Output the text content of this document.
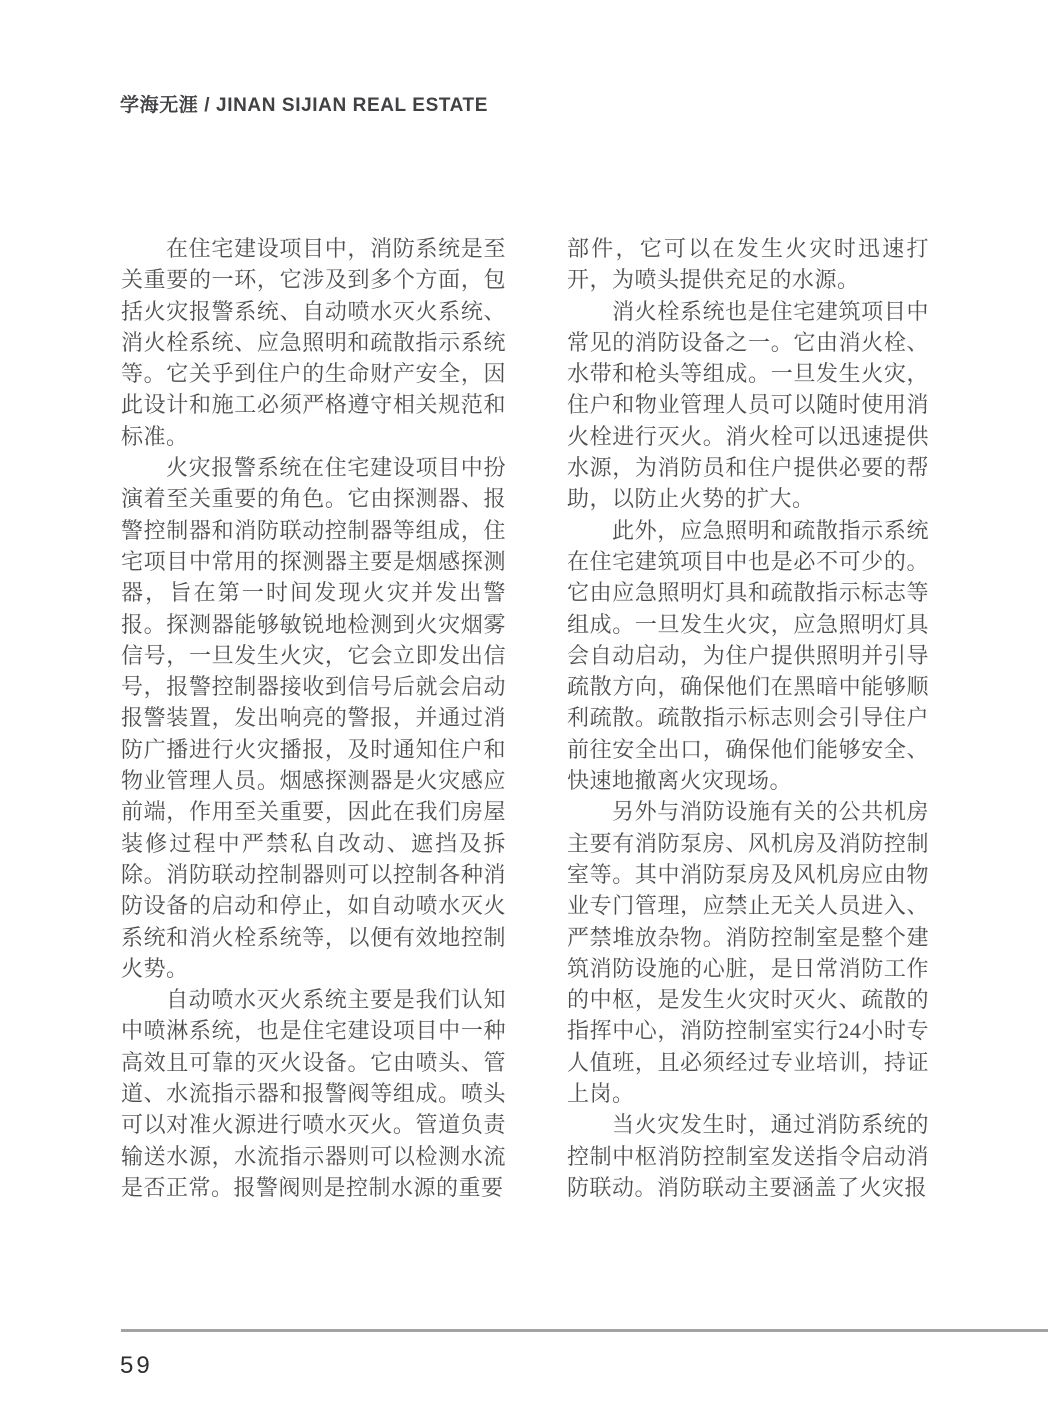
学海无涯 / JINAN SIJIAN REAL ESTATE

在住宅建设项目中，消防系统是至关重要的一环，它涉及到多个方面，包括火灾报警系统、自动喷水灭火系统、消火栓系统、应急照明和疏散指示系统等。它关乎到住户的生命财产安全，因此设计和施工必须严格遵守相关规范和标准。

火灾报警系统在住宅建设项目中扮演着至关重要的角色。它由探测器、报警控制器和消防联动控制器等组成，住宅项目中常用的探测器主要是烟感探测器，旨在第一时间发现火灾并发出警报。探测器能够敏锐地检测到火灾烟雾信号，一旦发生火灾，它会立即发出信号，报警控制器接收到信号后就会启动报警装置，发出响亮的警报，并通过消防广播进行火灾播报，及时通知住户和物业管理人员。烟感探测器是火灾感应前端，作用至关重要，因此在我们房屋装修过程中严禁私自改动、遮挡及拆除。消防联动控制器则可以控制各种消防设备的启动和停止，如自动喷水灭火系统和消火栓系统等，以便有效地控制火势。

自动喷水灭火系统主要是我们认知中喷淋系统，也是住宅建设项目中一种高效且可靠的灭火设备。它由喷头、管道、水流指示器和报警阀等组成。喷头可以对准火源进行喷水灭火。管道负责输送水源，水流指示器则可以检测水流是否正常。报警阀则是控制水源的重要

部件，它可以在发生火灾时迅速打开，为喷头提供充足的水源。

消火栓系统也是住宅建筑项目中常见的消防设备之一。它由消火栓、水带和枪头等组成。一旦发生火灾，住户和物业管理人员可以随时使用消火栓进行灭火。消火栓可以迅速提供水源，为消防员和住户提供必要的帮助，以防止火势的扩大。

此外，应急照明和疏散指示系统在住宅建筑项目中也是必不可少的。它由应急照明灯具和疏散指示标志等组成。一旦发生火灾，应急照明灯具会自动启动，为住户提供照明并引导疏散方向，确保他们在黑暗中能够顺利疏散。疏散指示标志则会引导住户前往安全出口，确保他们能够安全、快速地撤离火灾现场。

另外与消防设施有关的公共机房主要有消防泵房、风机房及消防控制室等。其中消防泵房及风机房应由物业专门管理，应禁止无关人员进入、严禁堆放杂物。消防控制室是整个建筑消防设施的心脏，是日常消防工作的中枢，是发生火灾时灭火、疏散的指挥中心，消防控制室实行24小时专人值班，且必须经过专业培训，持证上岗。

当火灾发生时，通过消防系统的控制中枢消防控制室发送指令启动消防联动。消防联动主要涵盖了火灾报

59
